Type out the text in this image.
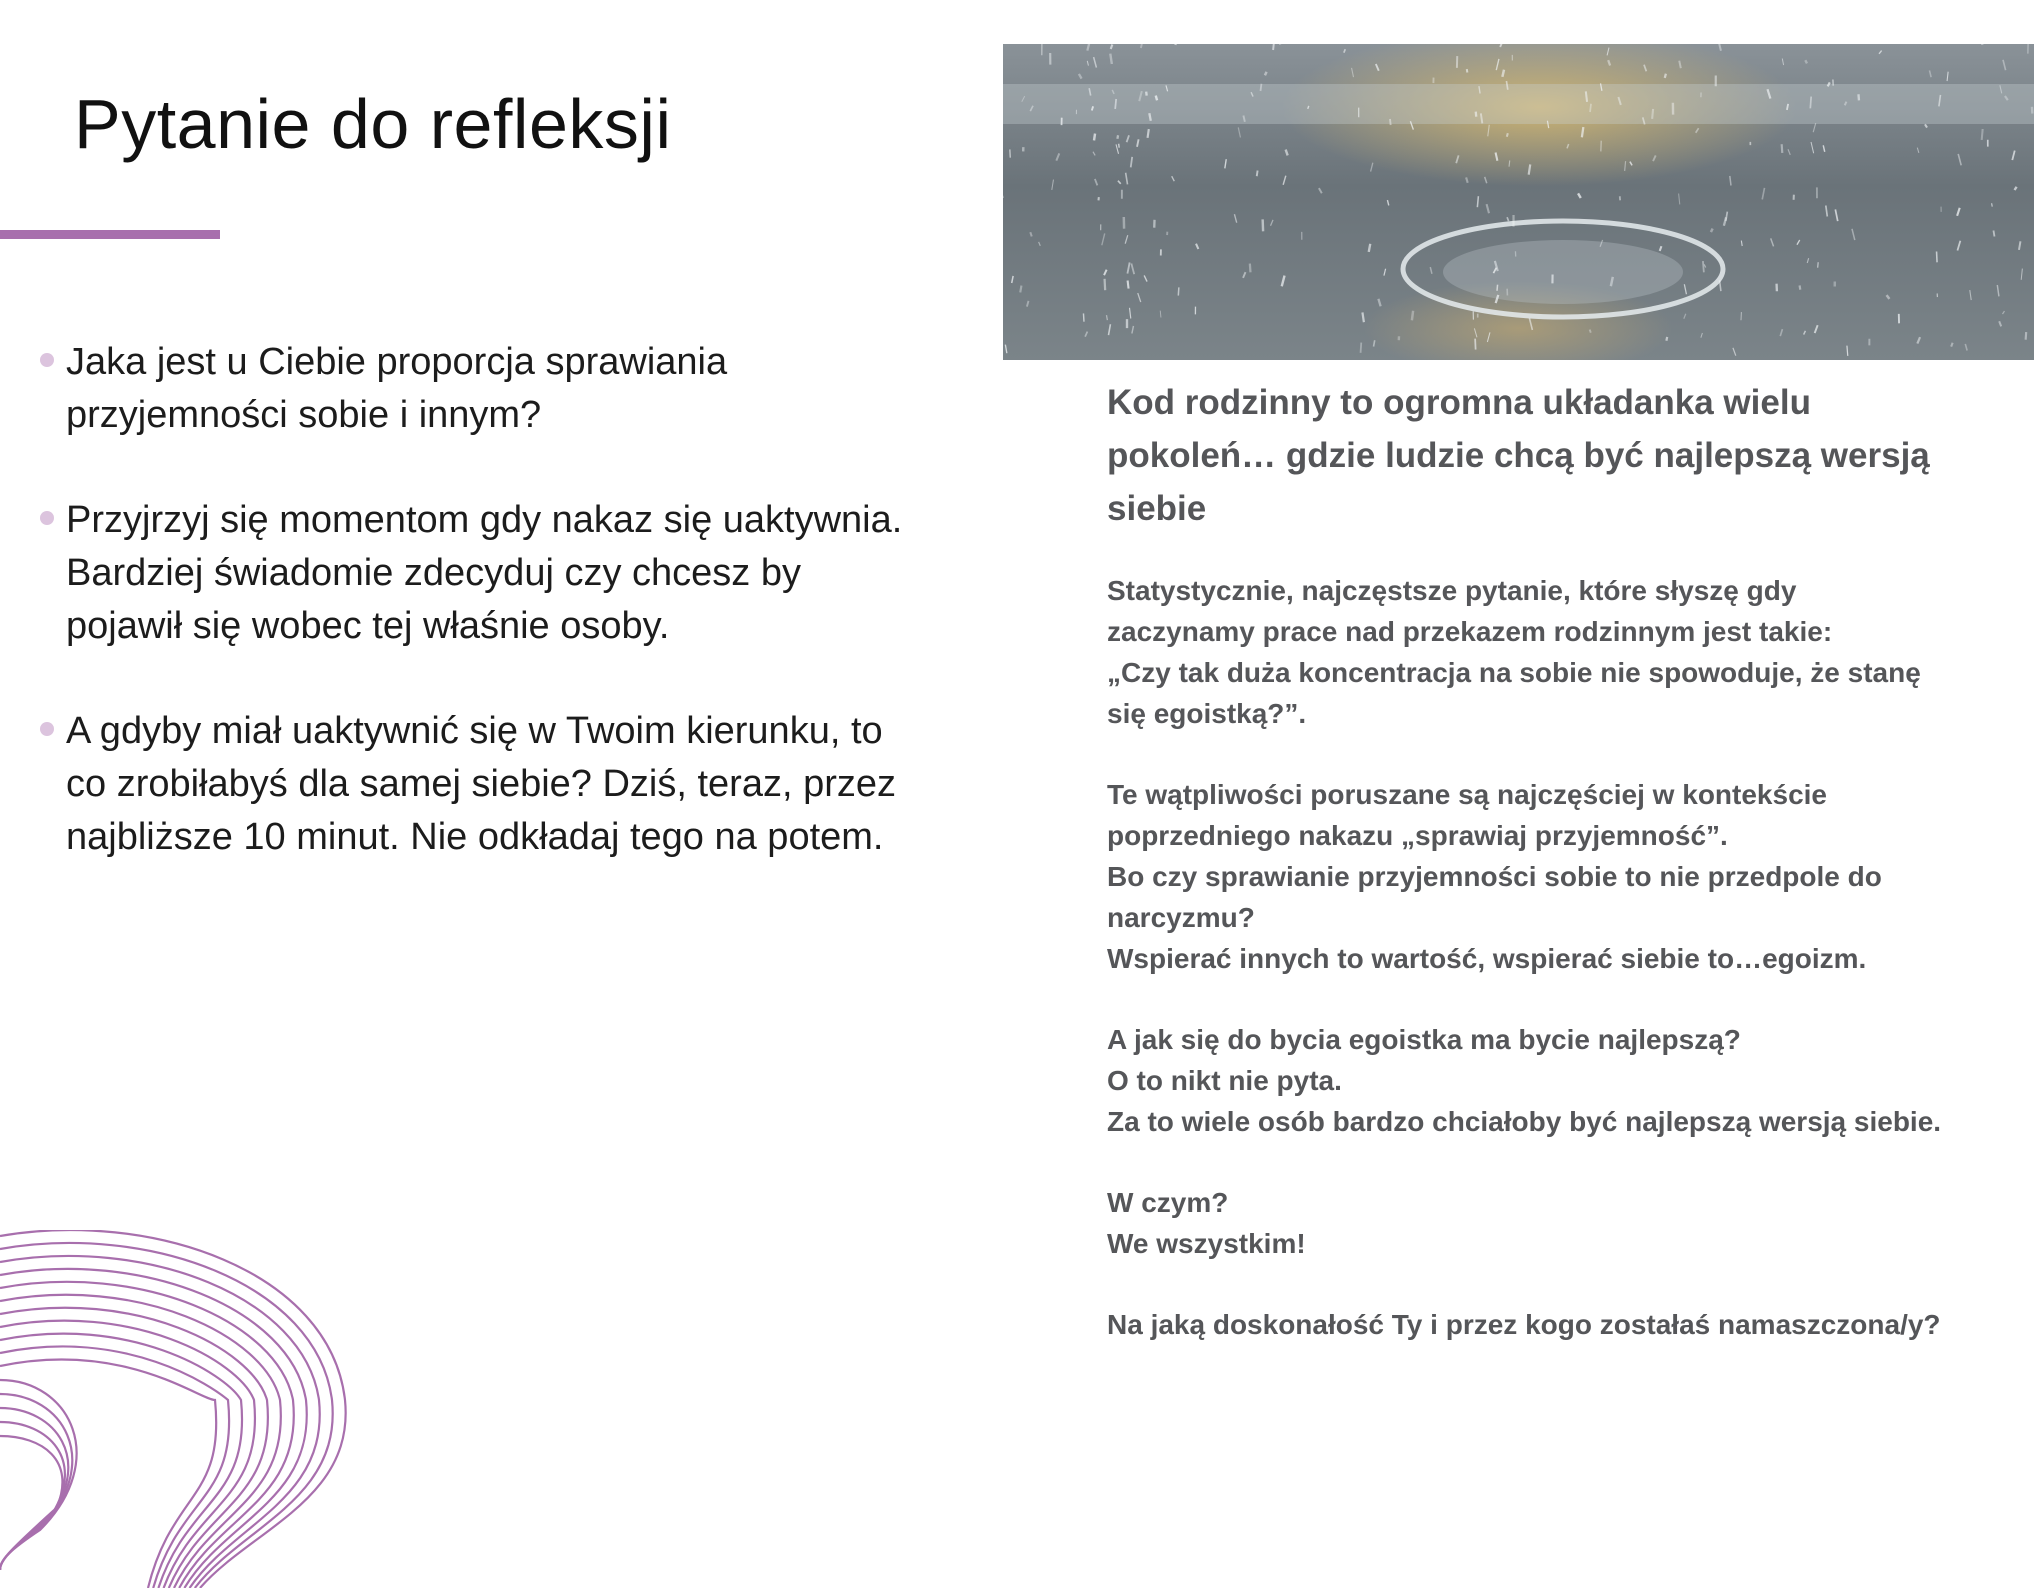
Pytanie do refleksji
Jaka jest u Ciebie proporcja sprawiania przyjemności sobie i innym?
Przyjrzyj się momentom gdy nakaz się uaktywnia. Bardziej świadomie zdecyduj czy chcesz by pojawił się wobec tej właśnie osoby.
A gdyby miał uaktywnić się w Twoim kierunku, to co zrobiłabyś dla samej siebie? Dziś, teraz, przez najbliższe 10 minut. Nie odkładaj tego na potem.
Kod rodzinny to ogromna układanka wielu pokoleń… gdzie ludzie chcą być najlepszą wersją siebie

Statystycznie, najczęstsze pytanie, które słyszę gdy
zaczynamy prace nad przekazem rodzinnym jest takie:
„Czy tak duża koncentracja na sobie nie spowoduje, że stanę
się egoistką?”.

Te wątpliwości poruszane są najczęściej w kontekście
poprzedniego nakazu „sprawiaj przyjemność”.
Bo czy sprawianie przyjemności sobie to nie przedpole do
narcyzmu?
Wspierać innych to wartość, wspierać siebie to…egoizm.

A jak się do bycia egoistka ma bycie najlepszą?
O to nikt nie pyta.
Za to wiele osób bardzo chciałoby być najlepszą wersją siebie.

W czym?
We wszystkim!

Na jaką doskonałość Ty i przez kogo zostałaś namaszczona/y?
